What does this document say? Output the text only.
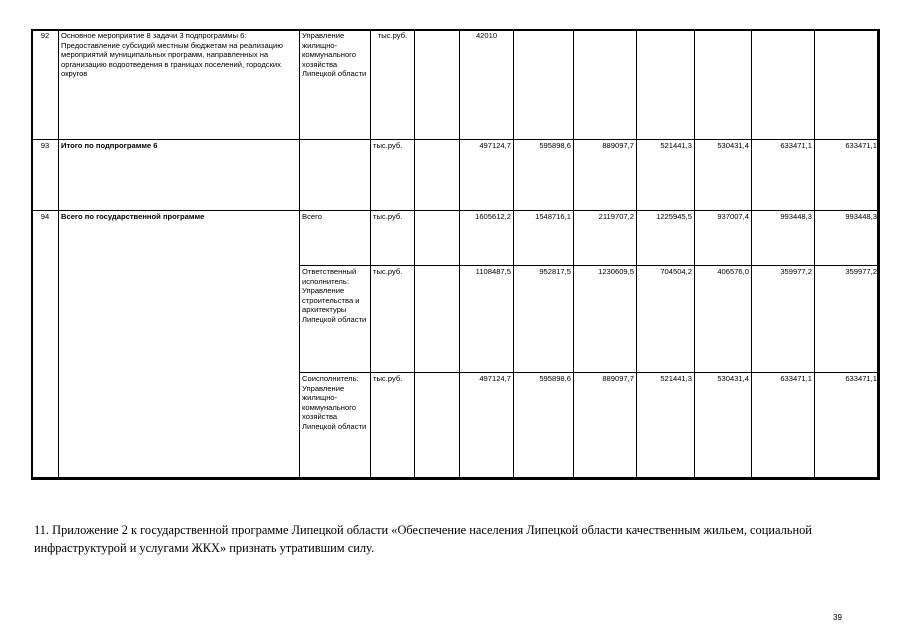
92	Основное мероприятие 8 задачи 3 подпрограммы 6: Предоставление субсидий местным бюджетам на реализацию мероприятий муниципальных программ, направленных на организацию водоотведения в границах поселений, городских округов	Управление жилищно-коммунального хозяйства Липецкой области	тыс.руб.		42010						
93	Итого по подпрограмме 6		тыс.руб.		497124,7	595898,6	889097,7	521441,3	530431,4	633471,1	633471,1
94	Всего по государственной программе	Всего	тыс.руб.		1605612,2	1548716,1	2119707,2	1225945,5	937007,4	993448,3	993448,3
		Ответственный исполнитель: Управление строительства и архитектуры Липецкой области	тыс.руб.		1108487,5	952817,5	1230609,5	704504,2	406576,0	359977,2	359977,2
		Соисполнитель: Управление жилищно-коммунального хозяйства Липецкой области	тыс.руб.		497124,7	595898,6	889097,7	521441,3	530431,4	633471,1	633471,1

11. Приложение 2 к государственной программе Липецкой области «Обеспечение населения Липецкой области качественным жильем, социальной инфраструктурой и услугами ЖКХ» признать утратившим силу.

39
